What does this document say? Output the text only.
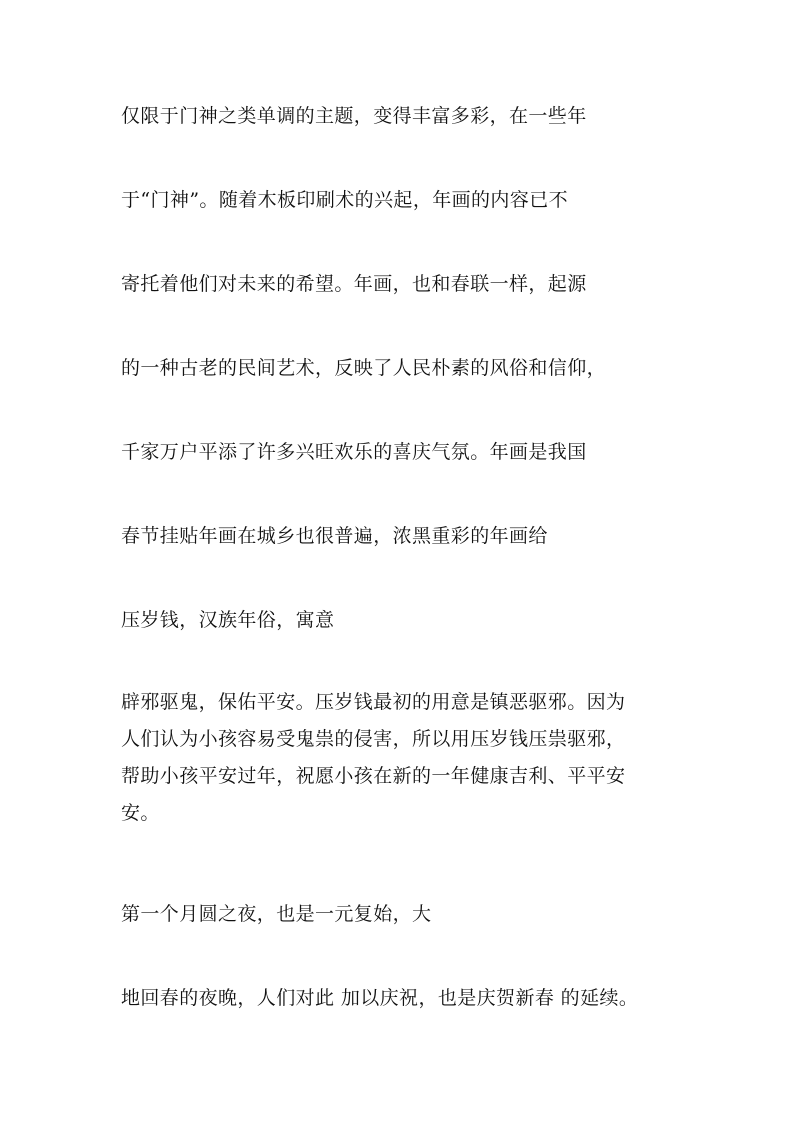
仅限于门神之类单调的主题，变得丰富多彩，在一些年
于“门神”。随着木板印刷术的兴起，年画的内容已不
寄托着他们对未来的希望。年画，也和春联一样，起源
的一种古老的民间艺术，反映了人民朴素的风俗和信仰，
千家万户平添了许多兴旺欢乐的喜庆气氛。年画是我国
春节挂贴年画在城乡也很普遍，浓黑重彩的年画给
压岁钱，汉族年俗，寓意
辟邪驱鬼，保佑平安。压岁钱最初的用意是镇恶驱邪。因为
人们认为小孩容易受鬼祟的侵害，所以用压岁钱压祟驱邪，
帮助小孩平安过年，祝愿小孩在新的一年健康吉利、平平安
安。
第一个月圆之夜，也是一元复始，大
地回春的夜晚，人们对此 加以庆祝，也是庆贺新春 的延续。
